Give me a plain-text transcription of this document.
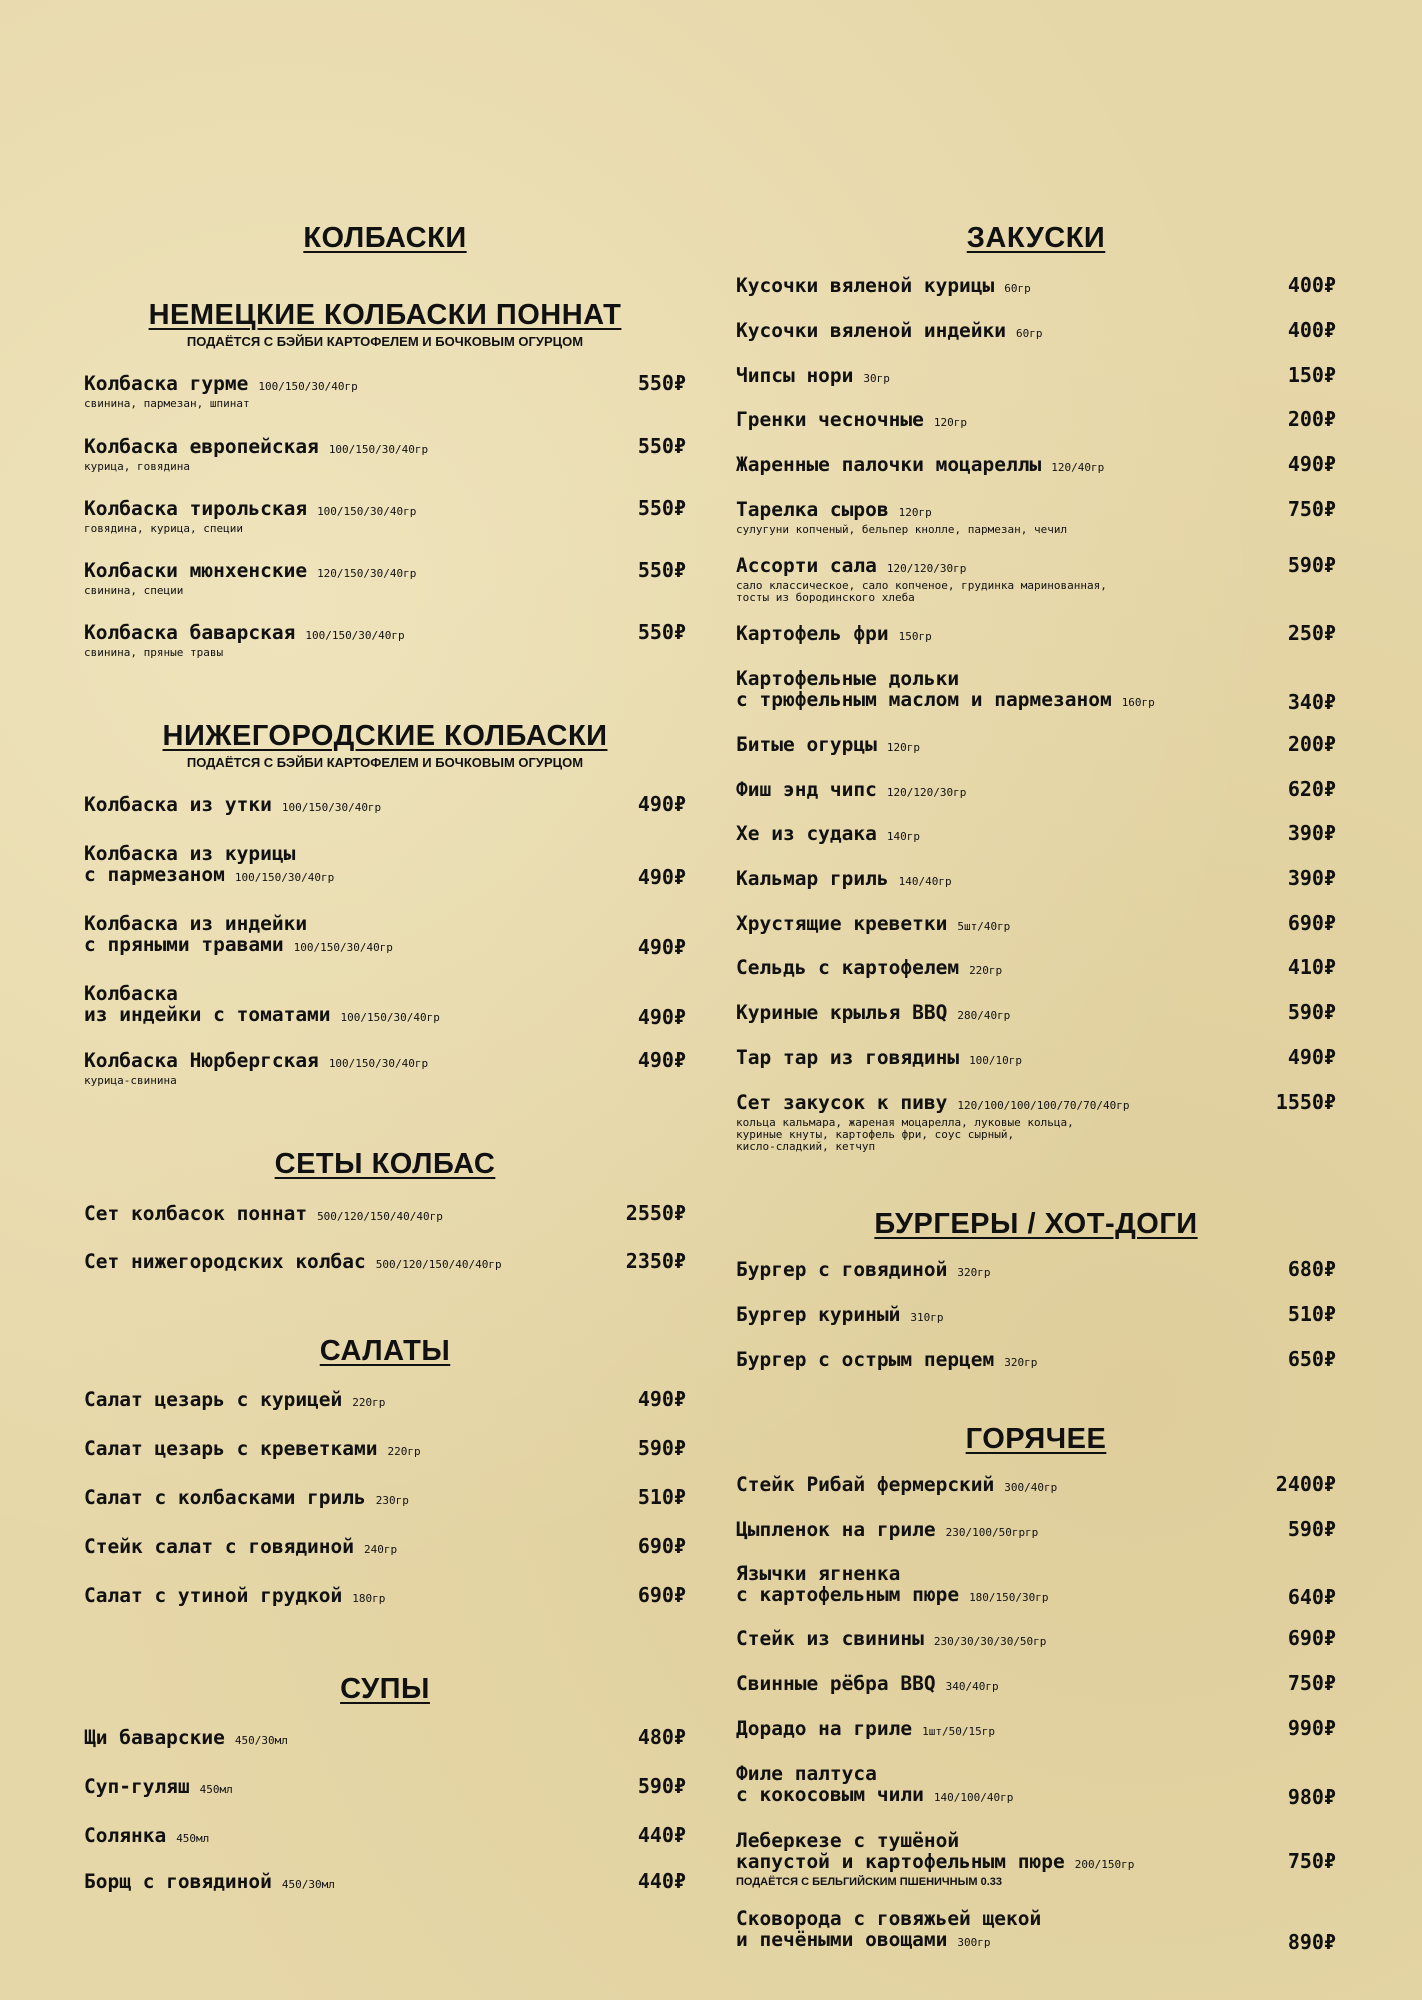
КОЛБАСКИ
НЕМЕЦКИЕ КОЛБАСКИ ПОННАТ
ПОДАЁТСЯ С БЭЙБИ КАРТОФЕЛЕМ И БОЧКОВЫМ ОГУРЦОМ
Колбаска гурме 100/150/30/40гр
свинина, пармезан, шпинат
550₽
Колбаска европейская 100/150/30/40гр
курица, говядина
550₽
Колбаска тирольская 100/150/30/40гр
говядина, курица, специи
550₽
Колбаски мюнхенские 120/150/30/40гр
свинина, специи
550₽
Колбаска баварская 100/150/30/40гр
свинина, пряные травы
550₽
НИЖЕГОРОДСКИЕ КОЛБАСКИ
ПОДАЁТСЯ С БЭЙБИ КАРТОФЕЛЕМ И БОЧКОВЫМ ОГУРЦОМ
Колбаска из утки 100/150/30/40гр	490₽
Колбаска из курицы
с пармезаном 100/150/30/40гр	490₽
Колбаска из индейки
с пряными травами 100/150/30/40гр	490₽
Колбаска
из индейки с томатами 100/150/30/40гр	490₽
Колбаска Нюрбергская 100/150/30/40гр
курица-свинина
490₽
СЕТЫ КОЛБАС
Сет колбасок поннат 500/120/150/40/40гр	2550₽
Сет нижегородских колбас 500/120/150/40/40гр	2350₽
САЛАТЫ
Салат цезарь с курицей 220гр	490₽
Салат цезарь с креветками 220гр	590₽
Салат с колбасками гриль 230гр	510₽
Стейк салат с говядиной 240гр	690₽
Салат с утиной грудкой 180гр	690₽
СУПЫ
Щи баварские 450/30мл	480₽
Суп-гуляш 450мл	590₽
Солянка 450мл	440₽
Борщ с говядиной 450/30мл	440₽
ЗАКУСКИ
Кусочки вяленой курицы 60гр	400₽
Кусочки вяленой индейки 60гр	400₽
Чипсы нори 30гр	150₽
Гренки чесночные 120гр	200₽
Жаренные палочки моцареллы 120/40гр	490₽
Тарелка сыров 120гр
сулугуни копченый, бельпер кнолле, пармезан, чечил
750₽
Ассорти сала 120/120/30гр
сало классическое, сало копченое, грудинка маринованная,
тосты из бородинского хлеба
590₽
Картофель фри 150гр	250₽
Картофельные дольки
с трюфельным маслом и пармезаном 160гр	340₽
Битые огурцы 120гр	200₽
Фиш энд чипс 120/120/30гр	620₽
Хе из судака 140гр	390₽
Кальмар гриль 140/40гр	390₽
Хрустящие креветки 5шт/40гр	690₽
Сельдь с картофелем 220гр	410₽
Куриные крылья BBQ 280/40гр	590₽
Тар тар из говядины 100/10гр	490₽
Сет закусок к пиву 120/100/100/100/70/70/40гр
кольца кальмара, жареная моцарелла, луковые кольца,
куриные кнуты, картофель фри, соус сырный,
кисло-сладкий, кетчуп
1550₽
БУРГЕРЫ / ХОТ-ДОГИ
Бургер с говядиной 320гр	680₽
Бургер куриный 310гр	510₽
Бургер с острым перцем 320гр	650₽
ГОРЯЧЕЕ
Стейк Рибай фермерский 300/40гр	2400₽
Цыпленок на гриле 230/100/50гргр	590₽
Язычки ягненка
с картофельным пюре 180/150/30гр	640₽
Стейк из свинины 230/30/30/30/50гр	690₽
Свинные рёбра BBQ 340/40гр	750₽
Дорадо на гриле 1шт/50/15гр	990₽
Филе палтуса
с кокосовым чили 140/100/40гр	980₽
Леберкезе с тушёной
капустой и картофельным пюре 200/150гр
ПОДАЁТСЯ С БЕЛЬГИЙСКИМ ПШЕНИЧНЫМ 0.33
750₽
Сковорода с говяжьей щекой
и печёными овощами 300гр	890₽
